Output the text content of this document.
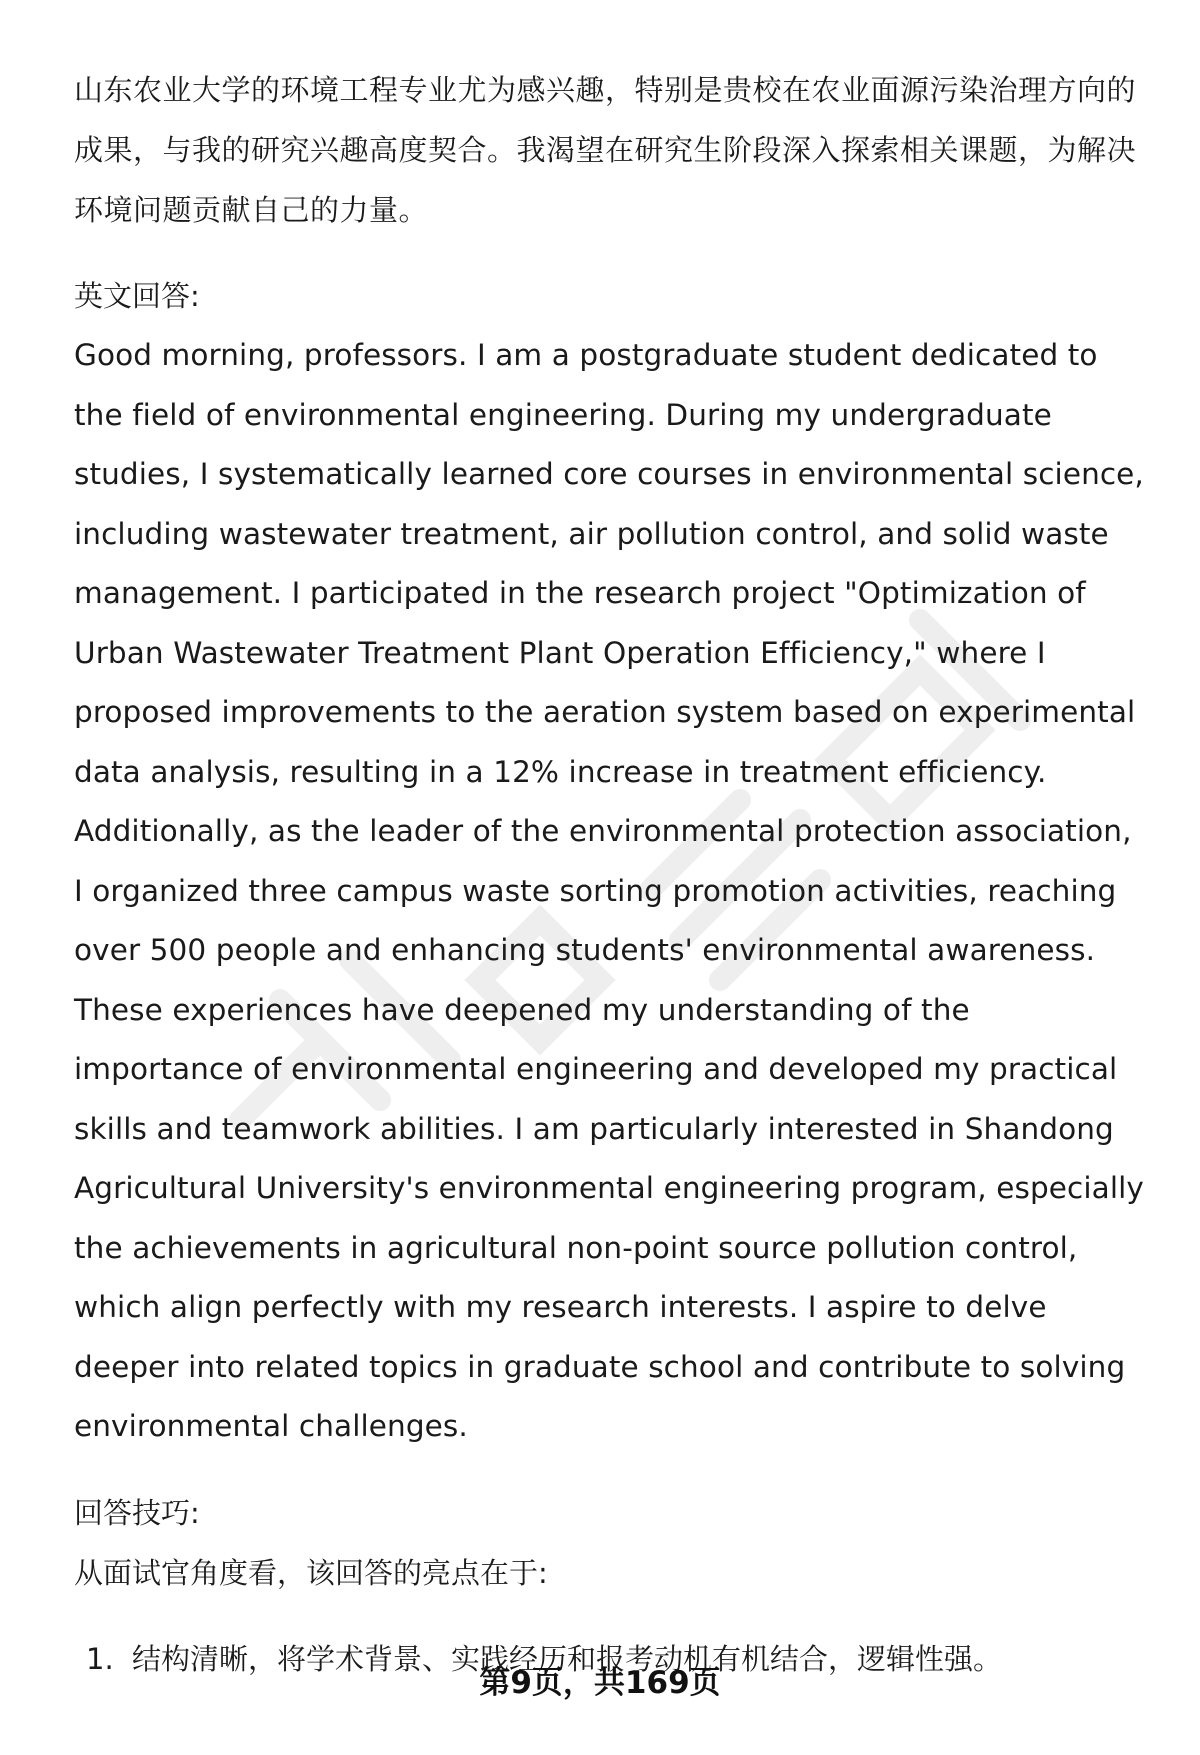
山东农业大学的环境工程专业尤为感兴趣，特别是贵校在农业面源污染治理方向的成果，与我的研究兴趣高度契合。我渴望在研究生阶段深入探索相关课题，为解决环境问题贡献自己的力量。

英文回答:

Good morning, professors. I am a postgraduate student dedicated to the field of environmental engineering. During my undergraduate studies, I systematically learned core courses in environmental science, including wastewater treatment, air pollution control, and solid waste management. I participated in the research project "Optimization of Urban Wastewater Treatment Plant Operation Efficiency," where I proposed improvements to the aeration system based on experimental data analysis, resulting in a 12% increase in treatment efficiency. Additionally, as the leader of the environmental protection association, I organized three campus waste sorting promotion activities, reaching over 500 people and enhancing students' environmental awareness. These experiences have deepened my understanding of the importance of environmental engineering and developed my practical skills and teamwork abilities. I am particularly interested in Shandong Agricultural University's environmental engineering program, especially the achievements in agricultural non-point source pollution control, which align perfectly with my research interests. I aspire to delve deeper into related topics in graduate school and contribute to solving environmental challenges.

回答技巧:

从面试官角度看，该回答的亮点在于:

1. 结构清晰，将学术背景、实践经历和报考动机有机结合，逻辑性强。
第9页，共169页
